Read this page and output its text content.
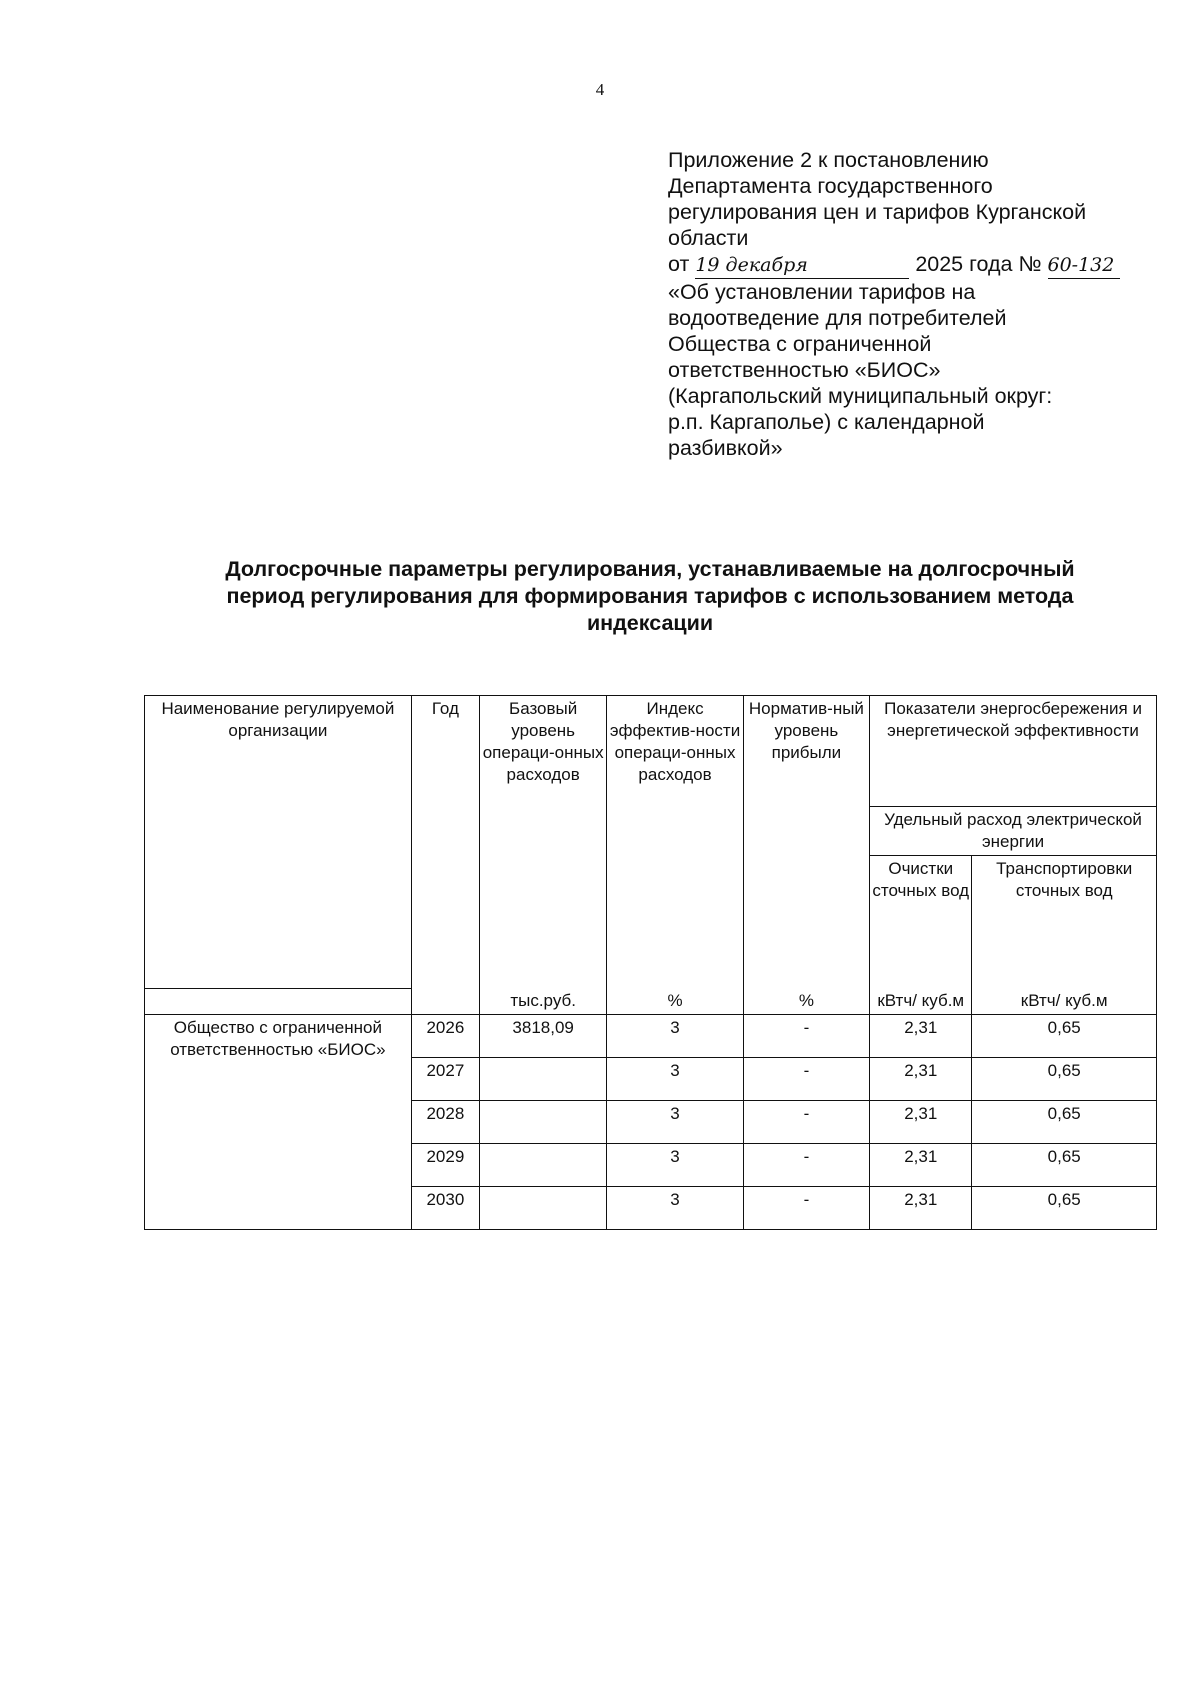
4
Приложение 2 к постановлению
Департамента государственного
регулирования цен и тарифов Курганской
области
от 19 декабря	2025 года № 60-132
«Об установлении тарифов на
водоотведение для потребителей
Общества с ограниченной
ответственностью «БИОС»
(Каргапольский муниципальный округ:
р.п. Каргаполье) с календарной
разбивкой»
Долгосрочные параметры регулирования, устанавливаемые на долгосрочный
период регулирования для формирования тарифов с использованием метода
индексации
Наименование регулируемой организации	Год	Базовый уровень операци-онных расходов	Индекс эффектив-ности операци-онных расходов	Норматив-ный уровень прибыли	Показатели энергосбережения и энергетической эффективности	
					Удельный расход электрической энергии	
					Очистки сточных вод	Транспортировки сточных вод
		тыс.руб.	%	%	кВтч/ куб.м	кВтч/ куб.м
Общество с ограниченной ответственностью «БИОС»	2026	3818,09	3	-	2,31	0,65
	2027		3	-	2,31	0,65
	2028		3	-	2,31	0,65
	2029		3	-	2,31	0,65
	2030		3	-	2,31	0,65
